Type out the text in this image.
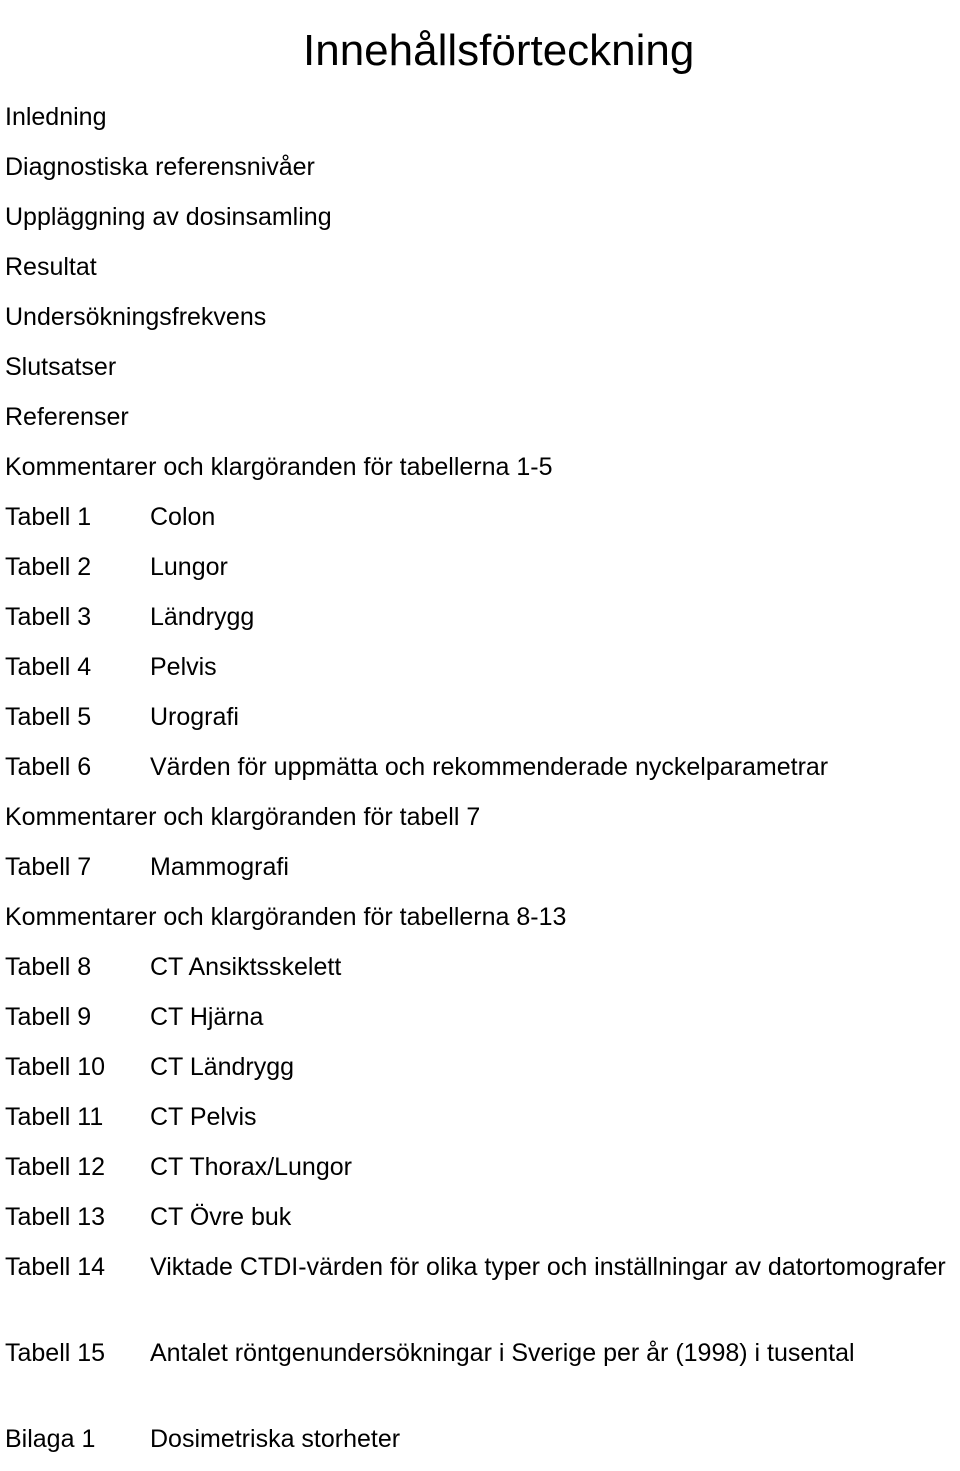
Innehållsförteckning
Inledning
Diagnostiska referensnivåer
Uppläggning av dosinsamling
Resultat
Undersökningsfrekvens
Slutsatser
Referenser
Kommentarer och klargöranden för tabellerna 1-5
Tabell 1	Colon
Tabell 2	Lungor
Tabell 3	Ländrygg
Tabell 4	Pelvis
Tabell 5	Urografi
Tabell 6	Värden för uppmätta och rekommenderade nyckelparametrar
Kommentarer och klargöranden för tabell 7
Tabell 7	Mammografi
Kommentarer och klargöranden för tabellerna 8-13
Tabell 8	CT Ansiktsskelett
Tabell 9	CT Hjärna
Tabell 10	CT Ländrygg
Tabell 11	CT Pelvis
Tabell 12	CT Thorax/Lungor
Tabell 13	CT Övre buk
Tabell 14	Viktade CTDI-värden för olika typer och inställningar av datortomografer
Tabell 15	Antalet röntgenundersökningar i Sverige per år (1998) i tusental
Bilaga 1	Dosimetriska storheter
